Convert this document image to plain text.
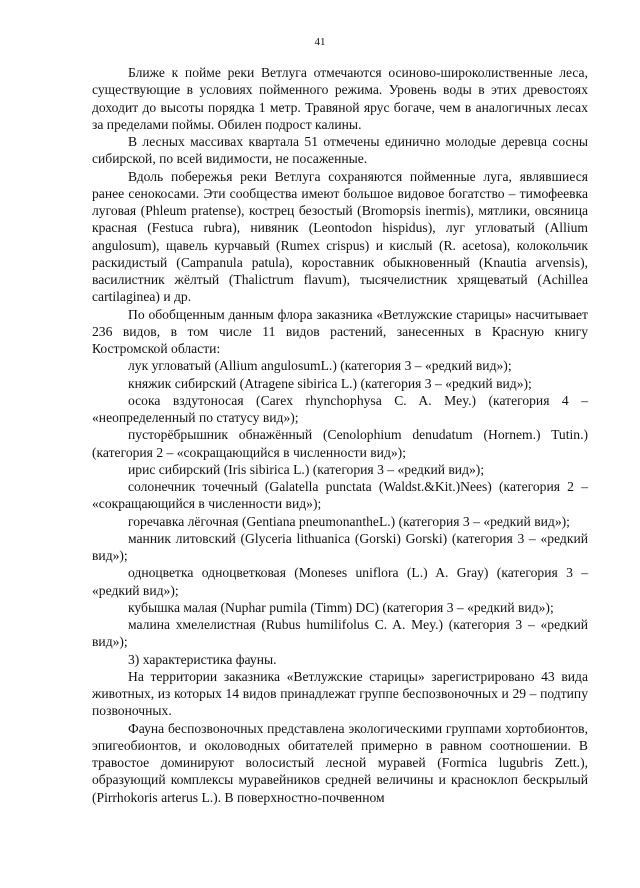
41

Ближе к пойме реки Ветлуга отмечаются осиново-широколиственные леса, существующие в условиях пойменного режима. Уровень воды в этих древостоях доходит до высоты порядка 1 метр. Травяной ярус богаче, чем в аналогичных лесах за пределами поймы. Обилен подрост калины.

В лесных массивах квартала 51 отмечены единично молодые деревца сосны сибирской, по всей видимости, не посаженные.

Вдоль побережья реки Ветлуга сохраняются пойменные луга, являвшиеся ранее сенокосами. Эти сообщества имеют большое видовое богатство – тимофеевка луговая (Phleum pratense), кострец безостый (Bromopsis inermis), мятлики, овсяница красная (Festuca rubra), нивяник (Leontodon hispidus), луг угловатый (Allium angulosum), щавель курчавый (Rumex crispus) и кислый (R. acetosa), колокольчик раскидистый (Campanula patula), короставник обыкновенный (Knautia arvensis), василистник жёлтый (Thalictrum flavum), тысячелистник хрящеватый (Achillea cartilaginea) и др.

По обобщенным данным флора заказника «Ветлужские старицы» насчитывает 236 видов, в том числе 11 видов растений, занесенных в Красную книгу Костромской области:

лук угловатый (Allium angulosumL.) (категория 3 – «редкий вид»);

княжик сибирский (Atragene sibirica L.) (категория 3 – «редкий вид»);

осока вздутоносая (Carex rhynchophysa C. A. Mey.) (категория 4 – «неопределенный по статусу вид»);

пусторёбрышник обнажённый (Cenolophium denudatum (Hornem.) Tutin.) (категория 2 – «сокращающийся в численности вид»);

ирис сибирский (Iris sibirica L.) (категория 3 – «редкий вид»);

солонечник точечный (Galatella punctata (Waldst.&Kit.)Nees) (категория 2 – «сокращающийся в численности вид»);

горечавка лёгочная (Gentiana pneumonantheL.) (категория 3 – «редкий вид»);

манник литовский (Glyceria lithuanica (Gorski) Gorski) (категория 3 – «редкий вид»);

одноцветка одноцветковая (Moneses uniflora (L.) A. Gray) (категория 3 – «редкий вид»);

кубышка малая (Nuphar pumila (Timm) DC) (категория 3 – «редкий вид»);

малина хмелелистная (Rubus humilifolus C. A. Mey.) (категория 3 – «редкий вид»);

3) характеристика фауны.

На территории заказника «Ветлужские старицы» зарегистрировано 43 вида животных, из которых 14 видов принадлежат группе беспозвоночных и 29 – подтипу позвоночных.

Фауна беспозвоночных представлена экологическими группами хортобионтов, эпигеобионтов, и околоводных обитателей примерно в равном соотношении. В травостое доминируют волосистый лесной муравей (Formica lugubris Zett.), образующий комплексы муравейников средней величины и красноклоп бескрылый (Pirrhokoris arterus L.). В поверхностно-почвенном
